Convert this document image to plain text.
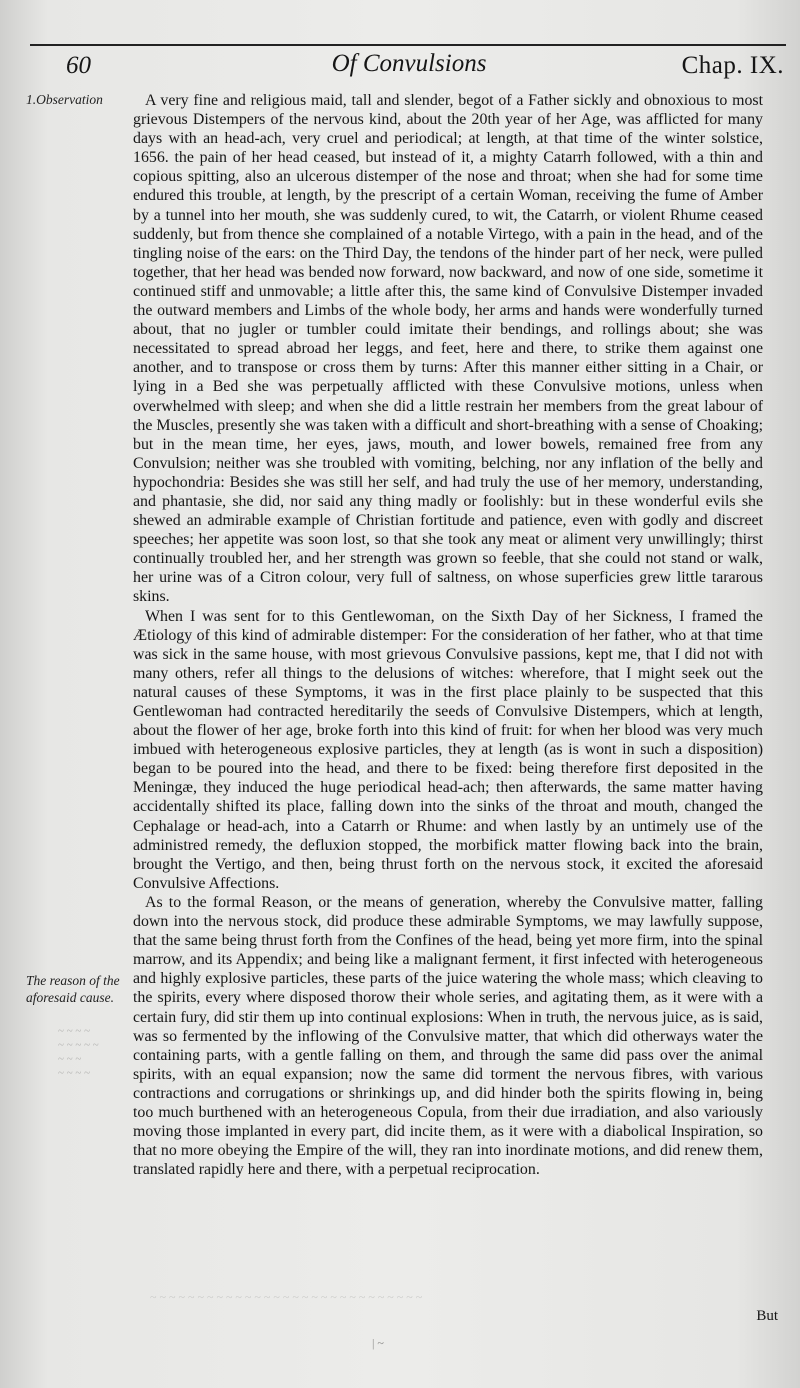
60	Of Convulsions	Chap. IX.
1.Observation
The reason of the aforesaid cause.
~ ~ ~ ~
~ ~ ~ ~ ~
~ ~ ~
~ ~ ~ ~

A very fine and religious maid, tall and slender, begot of a Father sickly and obnoxious to most grievous Distempers of the nervous kind, about the 20th year of her Age, was afflicted for many days with an head-ach, very cruel and periodical; at length, at that time of the winter solstice, 1656. the pain of her head ceased, but instead of it, a mighty Catarrh followed, with a thin and copious spitting, also an ulcerous distemper of the nose and throat; when she had for some time endured this trouble, at length, by the prescript of a certain Woman, receiving the fume of Amber by a tunnel into her mouth, she was suddenly cured, to wit, the Catarrh, or violent Rhume ceased suddenly, but from thence she complained of a notable Virtego, with a pain in the head, and of the tingling noise of the ears: on the Third Day, the tendons of the hinder part of her neck, were pulled together, that her head was bended now forward, now backward, and now of one side, sometime it continued stiff and unmovable; a little after this, the same kind of Convulsive Distemper invaded the outward members and Limbs of the whole body, her arms and hands were wonderfully turned about, that no jugler or tumbler could imitate their bendings, and rollings about; she was necessitated to spread abroad her leggs, and feet, here and there, to strike them against one another, and to transpose or cross them by turns: After this manner either sitting in a Chair, or lying in a Bed she was perpetually afflicted with these Convulsive motions, unless when overwhelmed with sleep; and when she did a little restrain her members from the great labour of the Muscles, presently she was taken with a difficult and short-breathing with a sense of Choaking; but in the mean time, her eyes, jaws, mouth, and lower bowels, remained free from any Convulsion; neither was she troubled with vomiting, belching, nor any inflation of the belly and hypochondria: Besides she was still her self, and had truly the use of her memory, understanding, and phantasie, she did, nor said any thing madly or foolishly: but in these wonderful evils she shewed an admirable example of Christian fortitude and patience, even with godly and discreet speeches; her appetite was soon lost, so that she took any meat or aliment very unwillingly; thirst continually troubled her, and her strength was grown so feeble, that she could not stand or walk, her urine was of a Citron colour, very full of saltness, on whose superficies grew little tararous skins.

When I was sent for to this Gentlewoman, on the Sixth Day of her Sickness, I framed the Ætiology of this kind of admirable distemper: For the consideration of her father, who at that time was sick in the same house, with most grievous Convulsive passions, kept me, that I did not with many others, refer all things to the delusions of witches: wherefore, that I might seek out the natural causes of these Symptoms, it was in the first place plainly to be suspected that this Gentlewoman had contracted hereditarily the seeds of Convulsive Distempers, which at length, about the flower of her age, broke forth into this kind of fruit: for when her blood was very much imbued with heterogeneous explosive particles, they at length (as is wont in such a disposition) began to be poured into the head, and there to be fixed: being therefore first deposited in the Meningæ, they induced the huge periodical head-ach; then afterwards, the same matter having accidentally shifted its place, falling down into the sinks of the throat and mouth, changed the Cephalage or head-ach, into a Catarrh or Rhume: and when lastly by an untimely use of the administred remedy, the defluxion stopped, the morbifick matter flowing back into the brain, brought the Vertigo, and then, being thrust forth on the nervous stock, it excited the aforesaid Convulsive Affections.

As to the formal Reason, or the means of generation, whereby the Convulsive matter, falling down into the nervous stock, did produce these admirable Symptoms, we may lawfully suppose, that the same being thrust forth from the Confines of the head, being yet more firm, into the spinal marrow, and its Appendix; and being like a malignant ferment, it first infected with heterogeneous and highly explosive particles, these parts of the juice watering the whole mass; which cleaving to the spirits, every where disposed thorow their whole series, and agitating them, as it were with a certain fury, did stir them up into continual explosions: When in truth, the nervous juice, as is said, was so fermented by the inflowing of the Convulsive matter, that which did otherways water the containing parts, with a gentle falling on them, and through the same did pass over the animal spirits, with an equal expansion; now the same did torment the nervous fibres, with various contractions and corrugations or shrinkings up, and did hinder both the spirits flowing in, being too much burthened with an heterogeneous Copula, from their due irradiation, and also variously moving those implanted in every part, did incite them, as it were with a diabolical Inspiration, so that no more obeying the Empire of the will, they ran into inordinate motions, and did renew them, translated rapidly here and there, with a perpetual reciprocation.

~ ~ ~ ~ ~ ~ ~ ~ ~ ~ ~ ~ ~ ~ ~ ~ ~ ~ ~ ~ ~ ~ ~ ~ ~ ~ ~ ~ ~
| ~
But
